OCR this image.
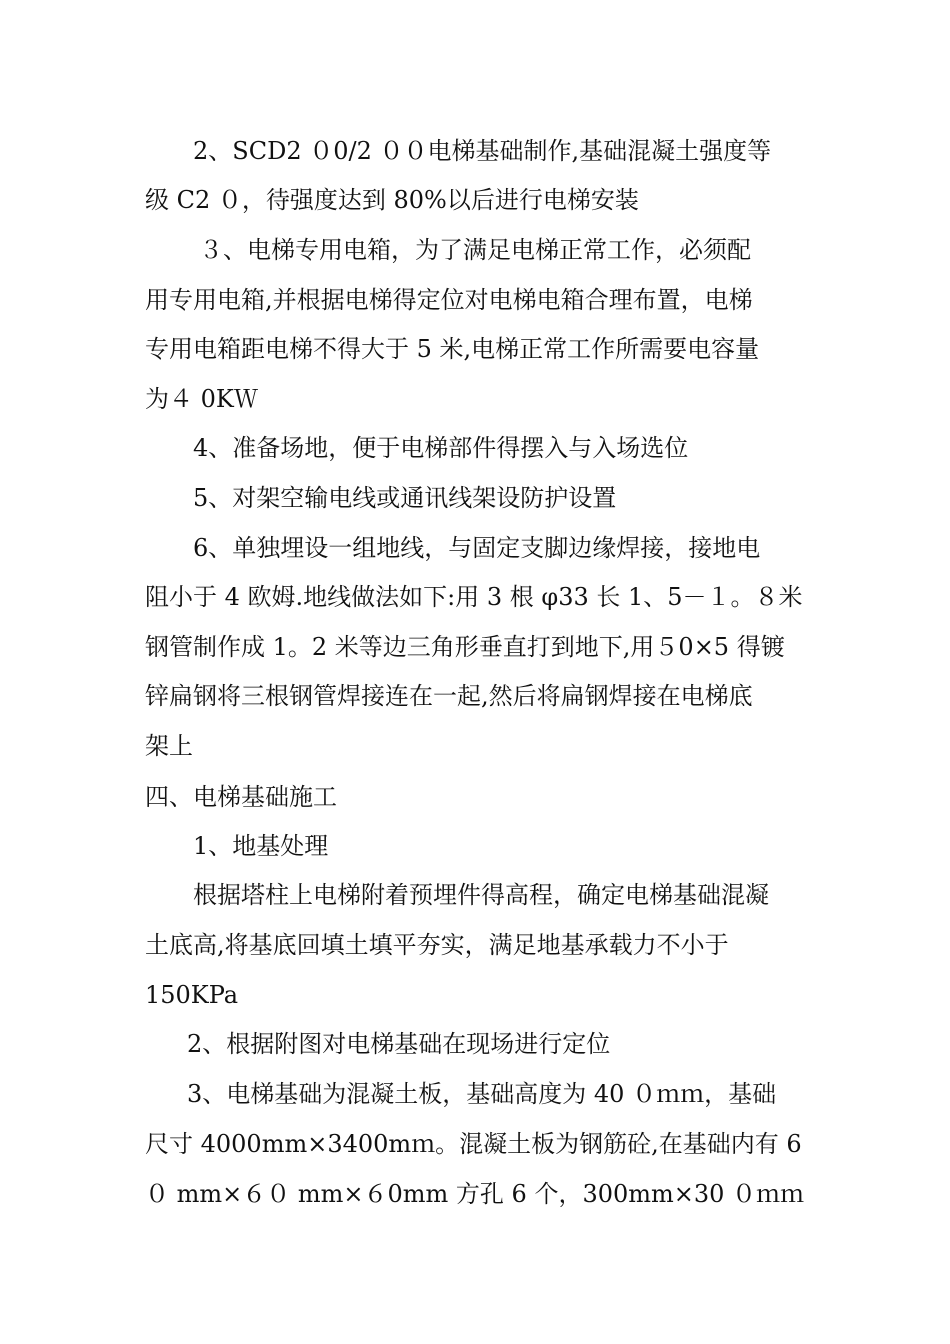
2、SCD2 ０0/2 ００电梯基础制作,基础混凝土强度等
级 C2 ０，待强度达到 80%以后进行电梯安装
３、电梯专用电箱，为了满足电梯正常工作，必须配
用专用电箱,并根据电梯得定位对电梯电箱合理布置，电梯
专用电箱距电梯不得大于 5 米,电梯正常工作所需要电容量
为４ 0KＷ
4、准备场地，便于电梯部件得摆入与入场选位
5、对架空输电线或通讯线架设防护设置
6、单独埋设一组地线，与固定支脚边缘焊接，接地电
阻小于 4 欧姆.地线做法如下:用 3 根 φ33 长 1、5－１。８米
钢管制作成 1。2 米等边三角形垂直打到地下,用５0×5 得镀
锌扁钢将三根钢管焊接连在一起,然后将扁钢焊接在电梯底
架上
四、电梯基础施工
1、地基处理
根据塔柱上电梯附着预埋件得高程，确定电梯基础混凝
土底高,将基底回填土填平夯实，满足地基承载力不小于
150KPa
2、根据附图对电梯基础在现场进行定位
3、电梯基础为混凝土板，基础高度为 40 ０ｍｍ，基础
尺寸 4000mm×3400mｍ。混凝土板为钢筋砼,在基础内有 6
０ mm×６０ mm×６0mm 方孔 6 个，300mm×30 ０ｍｍ
